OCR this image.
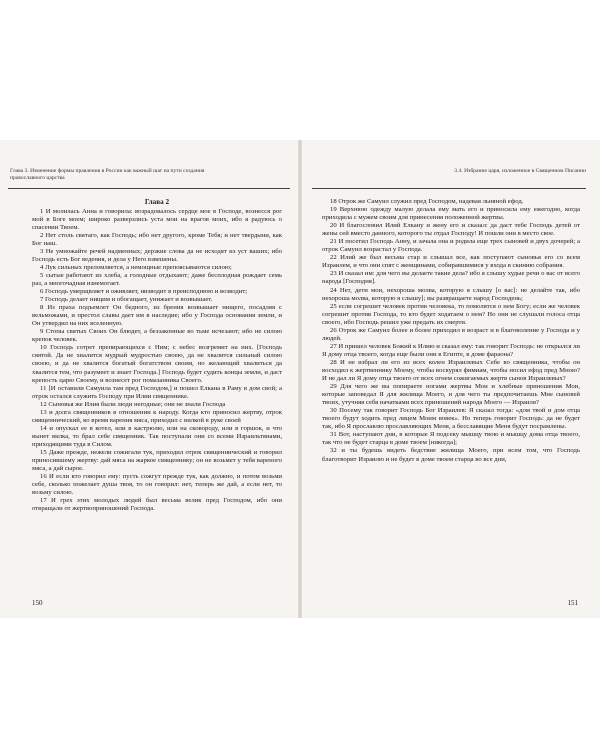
Глава 3. Изменение формы правления в России как важный шаг на пути создания православного царства
Глава 2

1 И молилась Анна и говорила: возрадовалось сердце мое в Господе, вознесся рог мой в Боге моем; широко разверзлись уста мои на врагов моих, ибо я радуюсь о спасении Твоем.

2 Нет столь святаго, как Господь; ибо нет другого, кроме Тебя; и нет твердыни, как Бог наш.

3 Не умножайте речей надменных; дерзкие слова да не исходят из уст ваших; ибо Господь есть Бог ведения, и дела у Него взвешены.

4 Лук сильных преломляется, а немощные препоясываются силою;

5 сытые работают из хлеба, а голодные отдыхают; даже бесплодная рождает семь раз, а многочадная изнемогает.

6 Господь умерщвляет и оживляет, низводит в преисподнюю и возводит;

7 Господь делает нищим и обогащает, унижает и возвышает.

8 Из праха подъемлет Он бедного, из брения возвышает нищего, посадляя с вельможами, и престол славы дает им в наследие; ибо у Господа основания земли, и Он утвердил на них вселенную.

9 Стопы святых Своих Он блюдет, а беззаконные во тьме исчезают; ибо не силою крепок человек.

10 Господь сотрет препирающихся с Ним; с небес возгремит на них. [Господь святой. Да не хвалится мудрый мудростью своею, да не хвалится сильный силою своею, и да не хвалится богатый богатством своим, но желающий хвалиться да хвалится тем, что разумеет и знает Господа.] Господь будет судить концы земли, и даст крепость царю Своему, и вознесет рог помазанника Своего.

11 [И оставили Самуила там пред Господом,] и пошел Елкана в Раму в дом свой; а отрок остался служить Господу при Илии священнике.

12 Сыновья же Илия были люди негодные; они не знали Господа

13 и долга священников в отношении к народу. Когда кто приносил жертву, отрок священнический, во время варения мяса, приходил с вилкой в руке своей

14 и опускал ее в котел, или в кастрюлю, или на сковороду, или в горшок, и что вынет вилка, то брал себе священник. Так поступали они со всеми Израильтянами, приходящими туда в Силом.

15 Даже прежде, нежели сожигали тук, приходил отрок священнический и говорил приносившему жертву: дай мяса на жаркое священнику; он не возьмет у тебя вареного мяса, а дай сырое.

16 И если кто говорил ему: пусть сожгут прежде тук, как должно, и потом возьми себе, сколько пожелает душа твоя, то он говорил: нет, теперь же дай, а если нет, то возьму силою.

17 И грех этих молодых людей был весьма велик пред Господом, ибо они отвращали от жертвоприношений Господа.

150
3.4. Избрание царя, изложенное в Священном Писании

18 Отрок же Самуил служил пред Господом, надевая льняной ефод.

19 Верхнюю одежду малую делала ему мать его и приносила ему ежегодно, когда приходила с мужем своим для принесения положенной жертвы.

20 И благословил Илий Елкану и жену его и сказал: да даст тебе Господь детей от жены сей вместо данного, которого ты отдал Господу! И пошли они в место свое.

21 И посетил Господь Анну, и зачала она и родила еще трех сыновей и двух дочерей; а отрок Самуил возрастал у Господа.

22 Илий же был весьма стар и слышал все, как поступают сыновья его со всем Израилем, и что они спят с женщинами, собиравшимися у входа в скинию собрания.

23 И сказал им: для чего вы делаете такие дела? ибо я слышу худые речи о вас от всего народа [Господня].

24 Нет, дети мои, нехороша молва, которую я слышу [о вас]: не делайте так, ибо нехороша молва, которую я слышу]; вы развращаете народ Господень;

25 если согрешит человек против человека, то помолятся о нем Богу; если же человек согрешит против Господа, то кто будет ходатаем о нем? Но они не слушали голоса отца своего, ибо Господь решил уже предать их смерти.

26 Отрок же Самуил более и более приходил в возраст и в благоволение у Господа и у людей.

27 И пришел человек Божий к Илию и сказал ему: так говорит Господь: не открылся ли Я дому отца твоего, когда еще были они в Египте, в доме фараона?

28 И не избрал ли его из всех колен Израилевых Себе во священника, чтобы он восходил к жертвеннику Моему, чтобы воскурял фимиам, чтобы носил ефод пред Мною? И не дал ли Я дому отца твоего от всех огнем сожигаемых жертв сынов Израилевых?

29 Для чего же вы попираете ногами жертвы Мои и хлебные приношения Мои, которые заповедал Я для жилища Моего, и для чего ты предпочитаешь Мне сыновей твоих, утучняя себя начатками всех приношений народа Моего — Израиля?

30 Посему так говорит Господь Бог Израилев: Я сказал тогда: «дом твой и дом отца твоего будут ходить пред лицем Моим вовек». Но теперь говорит Господь: да не будет так, ибо Я прославлю прославляющих Меня, а бесславящие Меня будут посрамлены.

31 Вот, наступают дни, в которые Я подсеку мышцу твою и мышцу дома отца твоего, так что не будет старца в доме твоем [никогда];

32 и ты будешь видеть бедствие жилища Моего, при всем том, что Господь благотворит Израилю и не будет в доме твоем старца во все дни,

151
